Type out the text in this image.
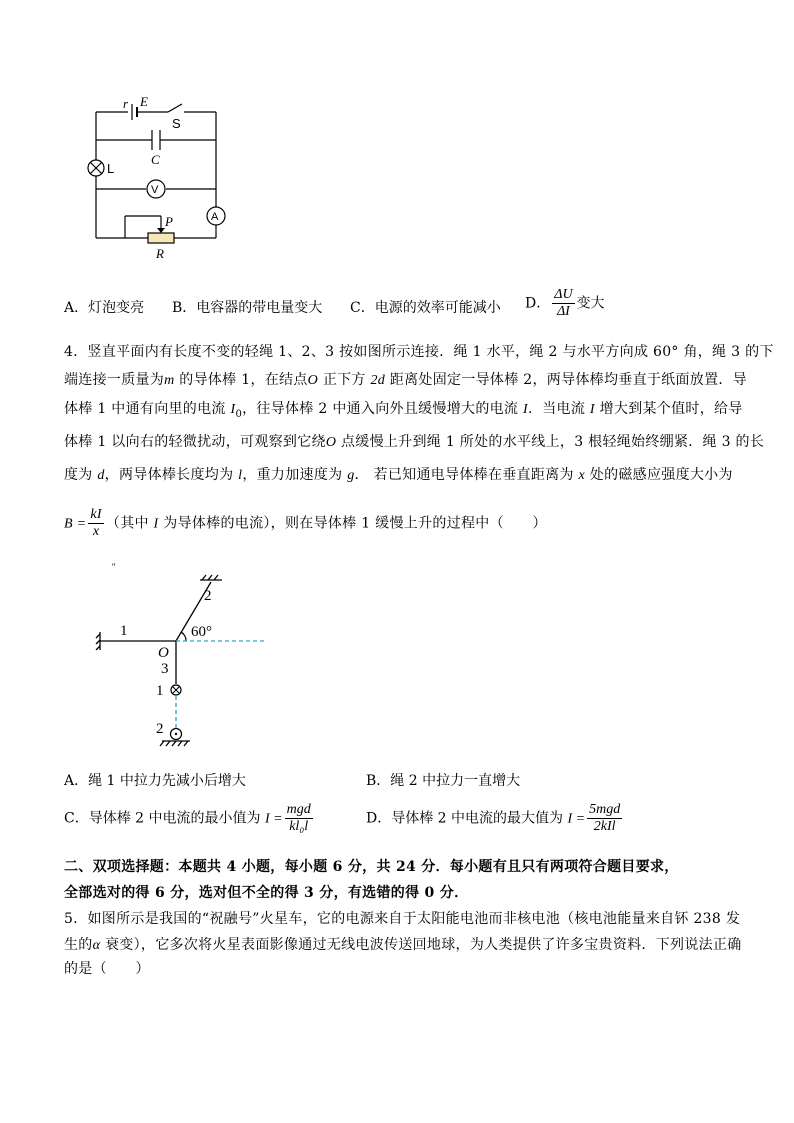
r E
S
C
L
V
A
P
R
A．灯泡变亮 B．电容器的带电量变大 C．电源的效率可能减小 D． $\frac{\Delta U}{\Delta I}$ 变大
4．竖直平面内有长度不变的轻绳 1、2、3 按如图所示连接．绳 1 水平，绳 2 与水平方向成 60° 角，绳 3 的下
端连接一质量为m 的导体棒 1，在结点O 正下方 2d 距离处固定一导体棒 2，两导体棒均垂直于纸面放置．导
体棒 1 中通有向里的电流 $I_0$，往导体棒 2 中通入向外且缓慢增大的电流 I．当电流 I 增大到某个值时，给导
体棒 1 以向右的轻微扰动，可观察到它绕O 点缓慢上升到绳 1 所处的水平线上，3 根轻绳始终绷紧．绳 3 的长
度为 d，两导体棒长度均为 l，重力加速度为 g． 若已知通电导体棒在垂直距离为 x 处的磁感应强度大小为
$B = \frac{kI}{x}$ （其中 I 为导体棒的电流），则在导体棒 1 缓慢上升的过程中（　　）
"
1
2
60°
O
3
1
2
A．绳 1 中拉力先减小后增大	B．绳 2 中拉力一直增大
C．导体棒 2 中电流的最小值为 $I = \frac{\text{mgd}}{\text{kl₀l}}$	D．导体棒 2 中电流的最大值为 $I = \frac{\text{5mgd}}{\text{2kIl}}$
二、双项选择题：本题共 4 小题，每小题 6 分，共 24 分．每小题有且只有两项符合题目要求，
全部选对的得 6 分，选对但不全的得 3 分，有选错的得 0 分．
5．如图所示是我国的“祝融号”火星车，它的电源来自于太阳能电池而非核电池（核电池能量来自钚 238 发
生的α 衰变），它多次将火星表面影像通过无线电波传送回地球，为人类提供了许多宝贵资料．下列说法正确
的是（　　）
